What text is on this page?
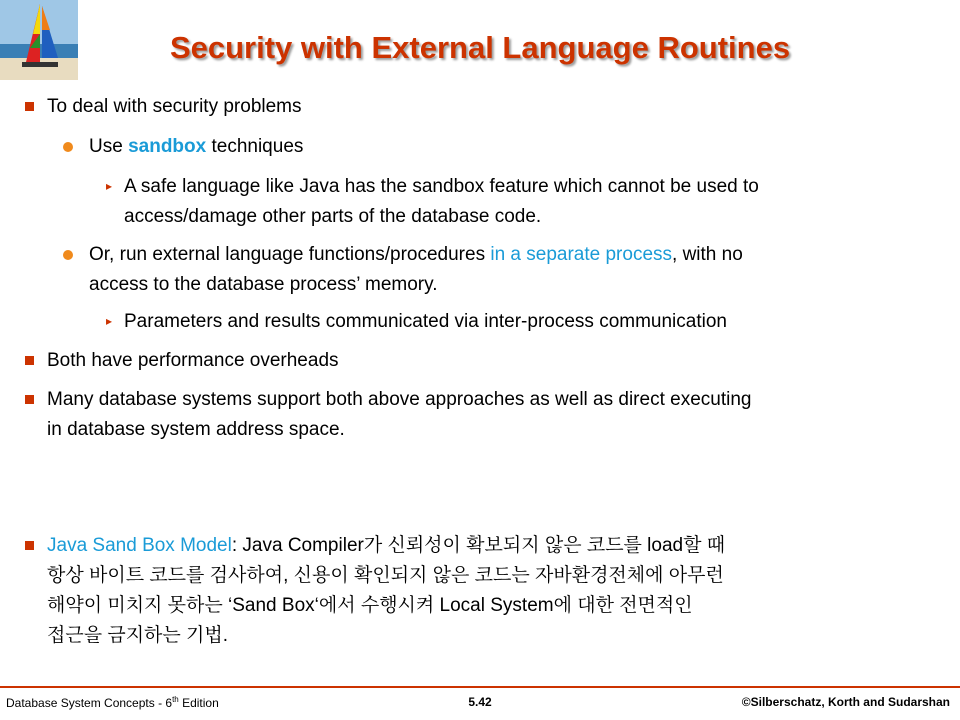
Security with External Language Routines
To deal with security problems
Use sandbox techniques
▸ A safe language like Java has the sandbox feature which cannot be used to
access/damage other parts of the database code.
Or, run external language functions/procedures in a separate process, with no
access to the database process’ memory.
▸ Parameters and results communicated via inter-process communication
Both have performance overheads
Many database systems support both above approaches as well as direct executing
in database system address space.
Java Sand Box Model: Java Compiler가 신뢰성이 확보되지 않은 코드를 load할 때
항상 바이트 코드를 검사하여, 신용이 확인되지 않은 코드는 자바환경전체에 아무런
해약이 미치지 못하는 ‘Sand Box‘에서 수행시켜 Local System에 대한 전면적인
접근을 금지하는 기법.
Database System Concepts - 6th Edition	5.42	©Silberschatz, Korth and Sudarshan
